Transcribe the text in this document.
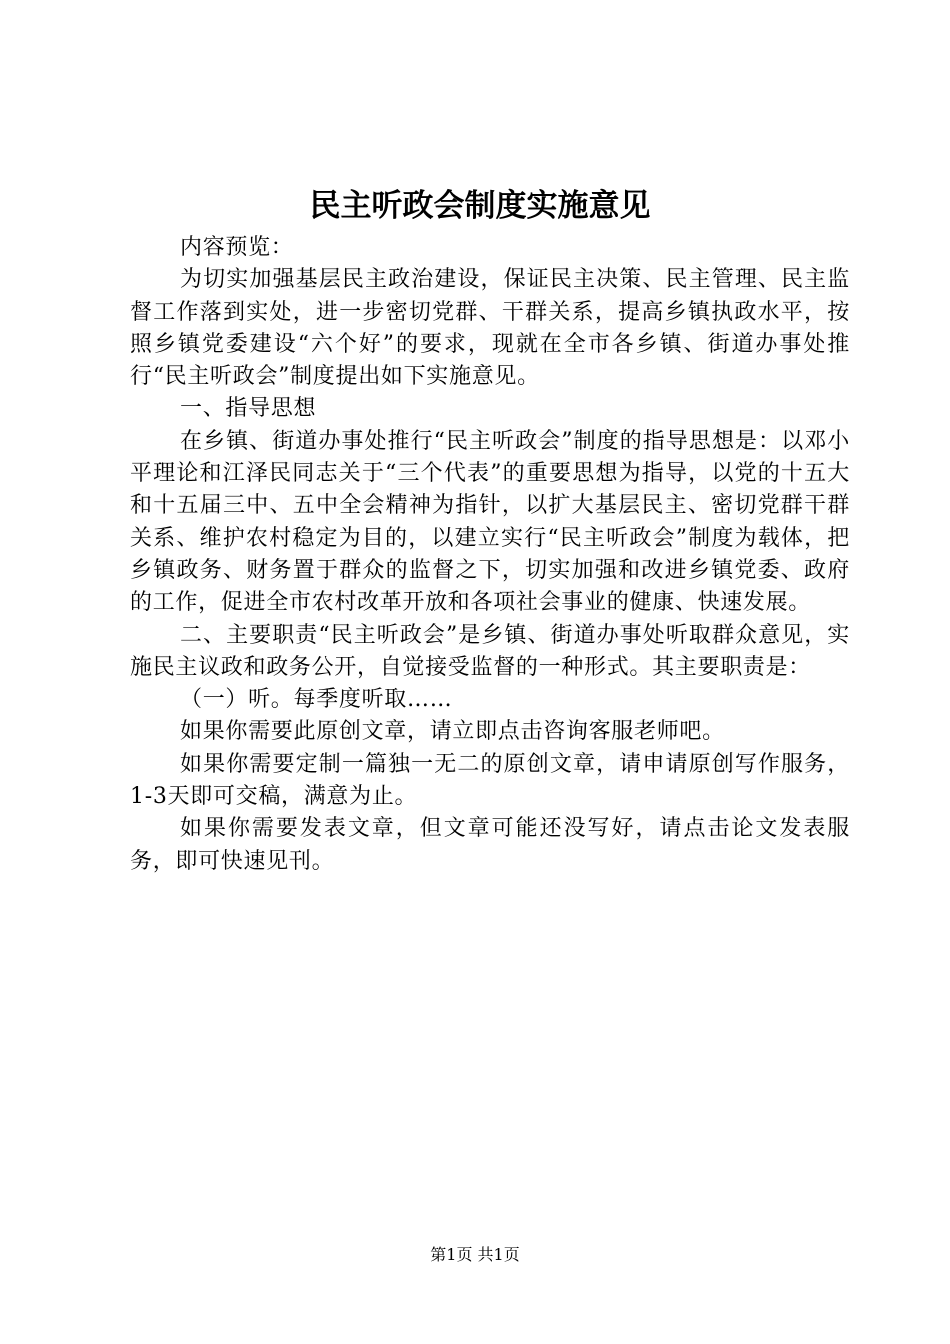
民主听政会制度实施意见

内容预览：

为切实加强基层民主政治建设，保证民主决策、民主管理、民主监督工作落到实处，进一步密切党群、干群关系，提高乡镇执政水平，按照乡镇党委建设“六个好”的要求，现就在全市各乡镇、街道办事处推行“民主听政会”制度提出如下实施意见。

一、指导思想

在乡镇、街道办事处推行“民主听政会”制度的指导思想是：以邓小平理论和江泽民同志关于“三个代表”的重要思想为指导，以党的十五大和十五届三中、五中全会精神为指针，以扩大基层民主、密切党群干群关系、维护农村稳定为目的，以建立实行“民主听政会”制度为载体，把乡镇政务、财务置于群众的监督之下，切实加强和改进乡镇党委、政府的工作，促进全市农村改革开放和各项社会事业的健康、快速发展。

二、主要职责“民主听政会”是乡镇、街道办事处听取群众意见，实施民主议政和政务公开，自觉接受监督的一种形式。其主要职责是：

（一）听。每季度听取……

如果你需要此原创文章，请立即点击咨询客服老师吧。

如果你需要定制一篇独一无二的原创文章，请申请原创写作服务，1-3天即可交稿，满意为止。

如果你需要发表文章，但文章可能还没写好，请点击论文发表服务，即可快速见刊。

第1页 共1页
